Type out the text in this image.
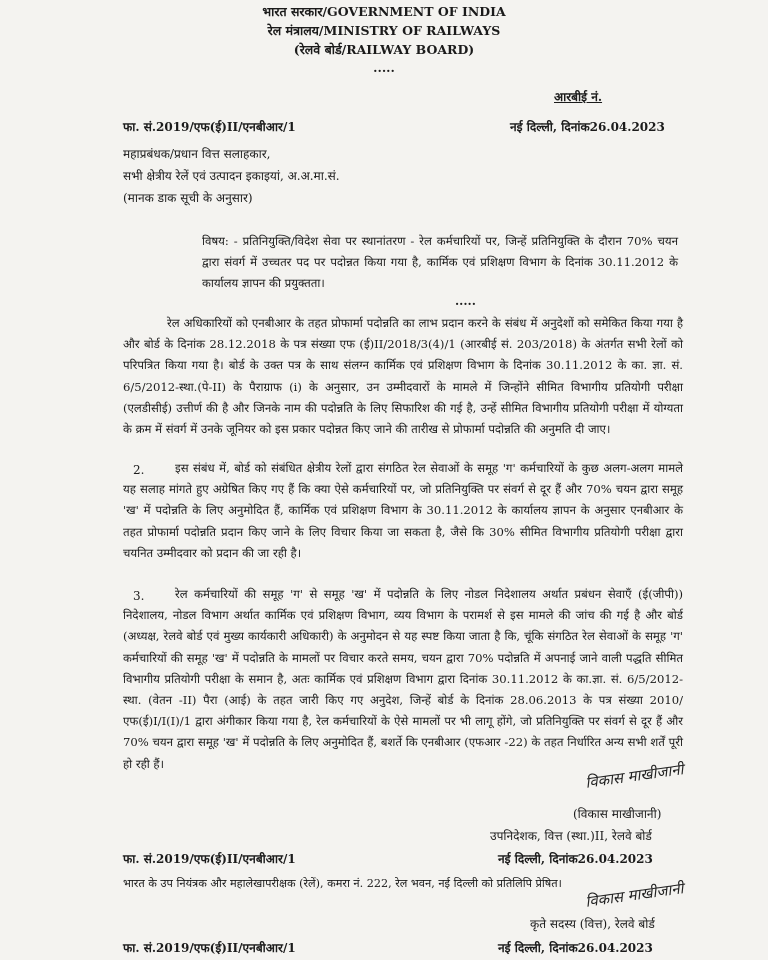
भारत सरकार/GOVERNMENT OF INDIA
रेल मंत्रालय/MINISTRY OF RAILWAYS
(रेलवे बोर्ड/RAILWAY BOARD)
.....
आरबीई नं.
फा. सं.2019/एफ(ई)II/एनबीआर/1	नई दिल्ली, दिनांक26.04.2023
महाप्रबंधक/प्रधान वित्त सलाहकार,
सभी क्षेत्रीय रेलें एवं उत्पादन इकाइयां, अ.अ.मा.सं.
(मानक डाक सूची के अनुसार)
विषय: - प्रतिनियुक्ति/विदेश सेवा पर स्थानांतरण - रेल कर्मचारियों पर, जिन्हें प्रतिनियुक्ति के दौरान 70% चयन द्वारा संवर्ग में उच्चतर पद पर पदोन्नत किया गया है, कार्मिक एवं प्रशिक्षण विभाग के दिनांक 30.11.2012 के कार्यालय ज्ञापन की प्रयुक्तता।
.....
रेल अधिकारियों को एनबीआर के तहत प्रोफार्मा पदोन्नति का लाभ प्रदान करने के संबंध में अनुदेशों को समेकित किया गया है और बोर्ड के दिनांक 28.12.2018 के पत्र संख्या एफ (ई)II/2018/3(4)/1 (आरबीई सं. 203/2018) के अंतर्गत सभी रेलों को परिपत्रित किया गया है। बोर्ड के उक्त पत्र के साथ संलग्न कार्मिक एवं प्रशिक्षण विभाग के दिनांक 30.11.2012 के का. ज्ञा. सं. 6/5/2012-स्था.(पे-II) के पैराग्राफ (i) के अनुसार, उन उम्मीदवारों के मामले में जिन्होंने सीमित विभागीय प्रतियोगी परीक्षा (एलडीसीई) उत्तीर्ण की है और जिनके नाम की पदोन्नति के लिए सिफारिश की गई है, उन्हें सीमित विभागीय प्रतियोगी परीक्षा में योग्यता के क्रम में संवर्ग में उनके जूनियर को इस प्रकार पदोन्नत किए जाने की तारीख से प्रोफार्मा पदोन्नति की अनुमति दी जाए।
2.	इस संबंध में, बोर्ड को संबंधित क्षेत्रीय रेलों द्वारा संगठित रेल सेवाओं के समूह 'ग' कर्मचारियों के कुछ अलग-अलग मामले यह सलाह मांगते हुए अग्रेषित किए गए हैं कि क्या ऐसे कर्मचारियों पर, जो प्रतिनियुक्ति पर संवर्ग से दूर हैं और 70% चयन द्वारा समूह 'ख' में पदोन्नति के लिए अनुमोदित हैं, कार्मिक एवं प्रशिक्षण विभाग के 30.11.2012 के कार्यालय ज्ञापन के अनुसार एनबीआर के तहत प्रोफार्मा पदोन्नति प्रदान किए जाने के लिए विचार किया जा सकता है, जैसे कि 30% सीमित विभागीय प्रतियोगी परीक्षा द्वारा चयनित उम्मीदवार को प्रदान की जा रही है।
3.	रेल कर्मचारियों की समूह 'ग' से समूह 'ख' में पदोन्नति के लिए नोडल निदेशालय अर्थात प्रबंधन सेवाएँ (ई(जीपी)) निदेशालय, नोडल विभाग अर्थात कार्मिक एवं प्रशिक्षण विभाग, व्यय विभाग के परामर्श से इस मामले की जांच की गई है और बोर्ड (अध्यक्ष, रेलवे बोर्ड एवं मुख्य कार्यकारी अधिकारी) के अनुमोदन से यह स्पष्ट किया जाता है कि, चूंकि संगठित रेल सेवाओं के समूह 'ग' कर्मचारियों की समूह 'ख' में पदोन्नति के मामलों पर विचार करते समय, चयन द्वारा 70% पदोन्नति में अपनाई जाने वाली पद्धति सीमित विभागीय प्रतियोगी परीक्षा के समान है, अतः कार्मिक एवं प्रशिक्षण विभाग द्वारा दिनांक 30.11.2012 के का.ज्ञा. सं. 6/5/2012-स्था. (वेतन -II) पैरा (आई) के तहत जारी किए गए अनुदेश, जिन्हें बोर्ड के दिनांक 28.06.2013 के पत्र संख्या 2010/एफ(ई)I/I(I)/1 द्वारा अंगीकार किया गया है, रेल कर्मचारियों के ऐसे मामलों पर भी लागू होंगे, जो प्रतिनियुक्ति पर संवर्ग से दूर हैं और 70% चयन द्वारा समूह 'ख' में पदोन्नति के लिए अनुमोदित हैं, बशर्ते कि एनबीआर (एफआर -22) के तहत निर्धारित अन्य सभी शर्तें पूरी हो रही हैं।	विकास माखीजानी
(विकास माखीजानी)
उपनिदेशक, वित्त (स्था.)II, रेलवे बोर्ड
फा. सं.2019/एफ(ई)II/एनबीआर/1	नई दिल्ली, दिनांक26.04.2023
भारत के उप नियंत्रक और महालेखापरीक्षक (रेलें), कमरा नं. 222, रेल भवन, नई दिल्ली को प्रतिलिपि प्रेषित। विकास माखीजानी
कृते सदस्य (वित्त), रेलवे बोर्ड
फा. सं.2019/एफ(ई)II/एनबीआर/1	नई दिल्ली, दिनांक26.04.2023
